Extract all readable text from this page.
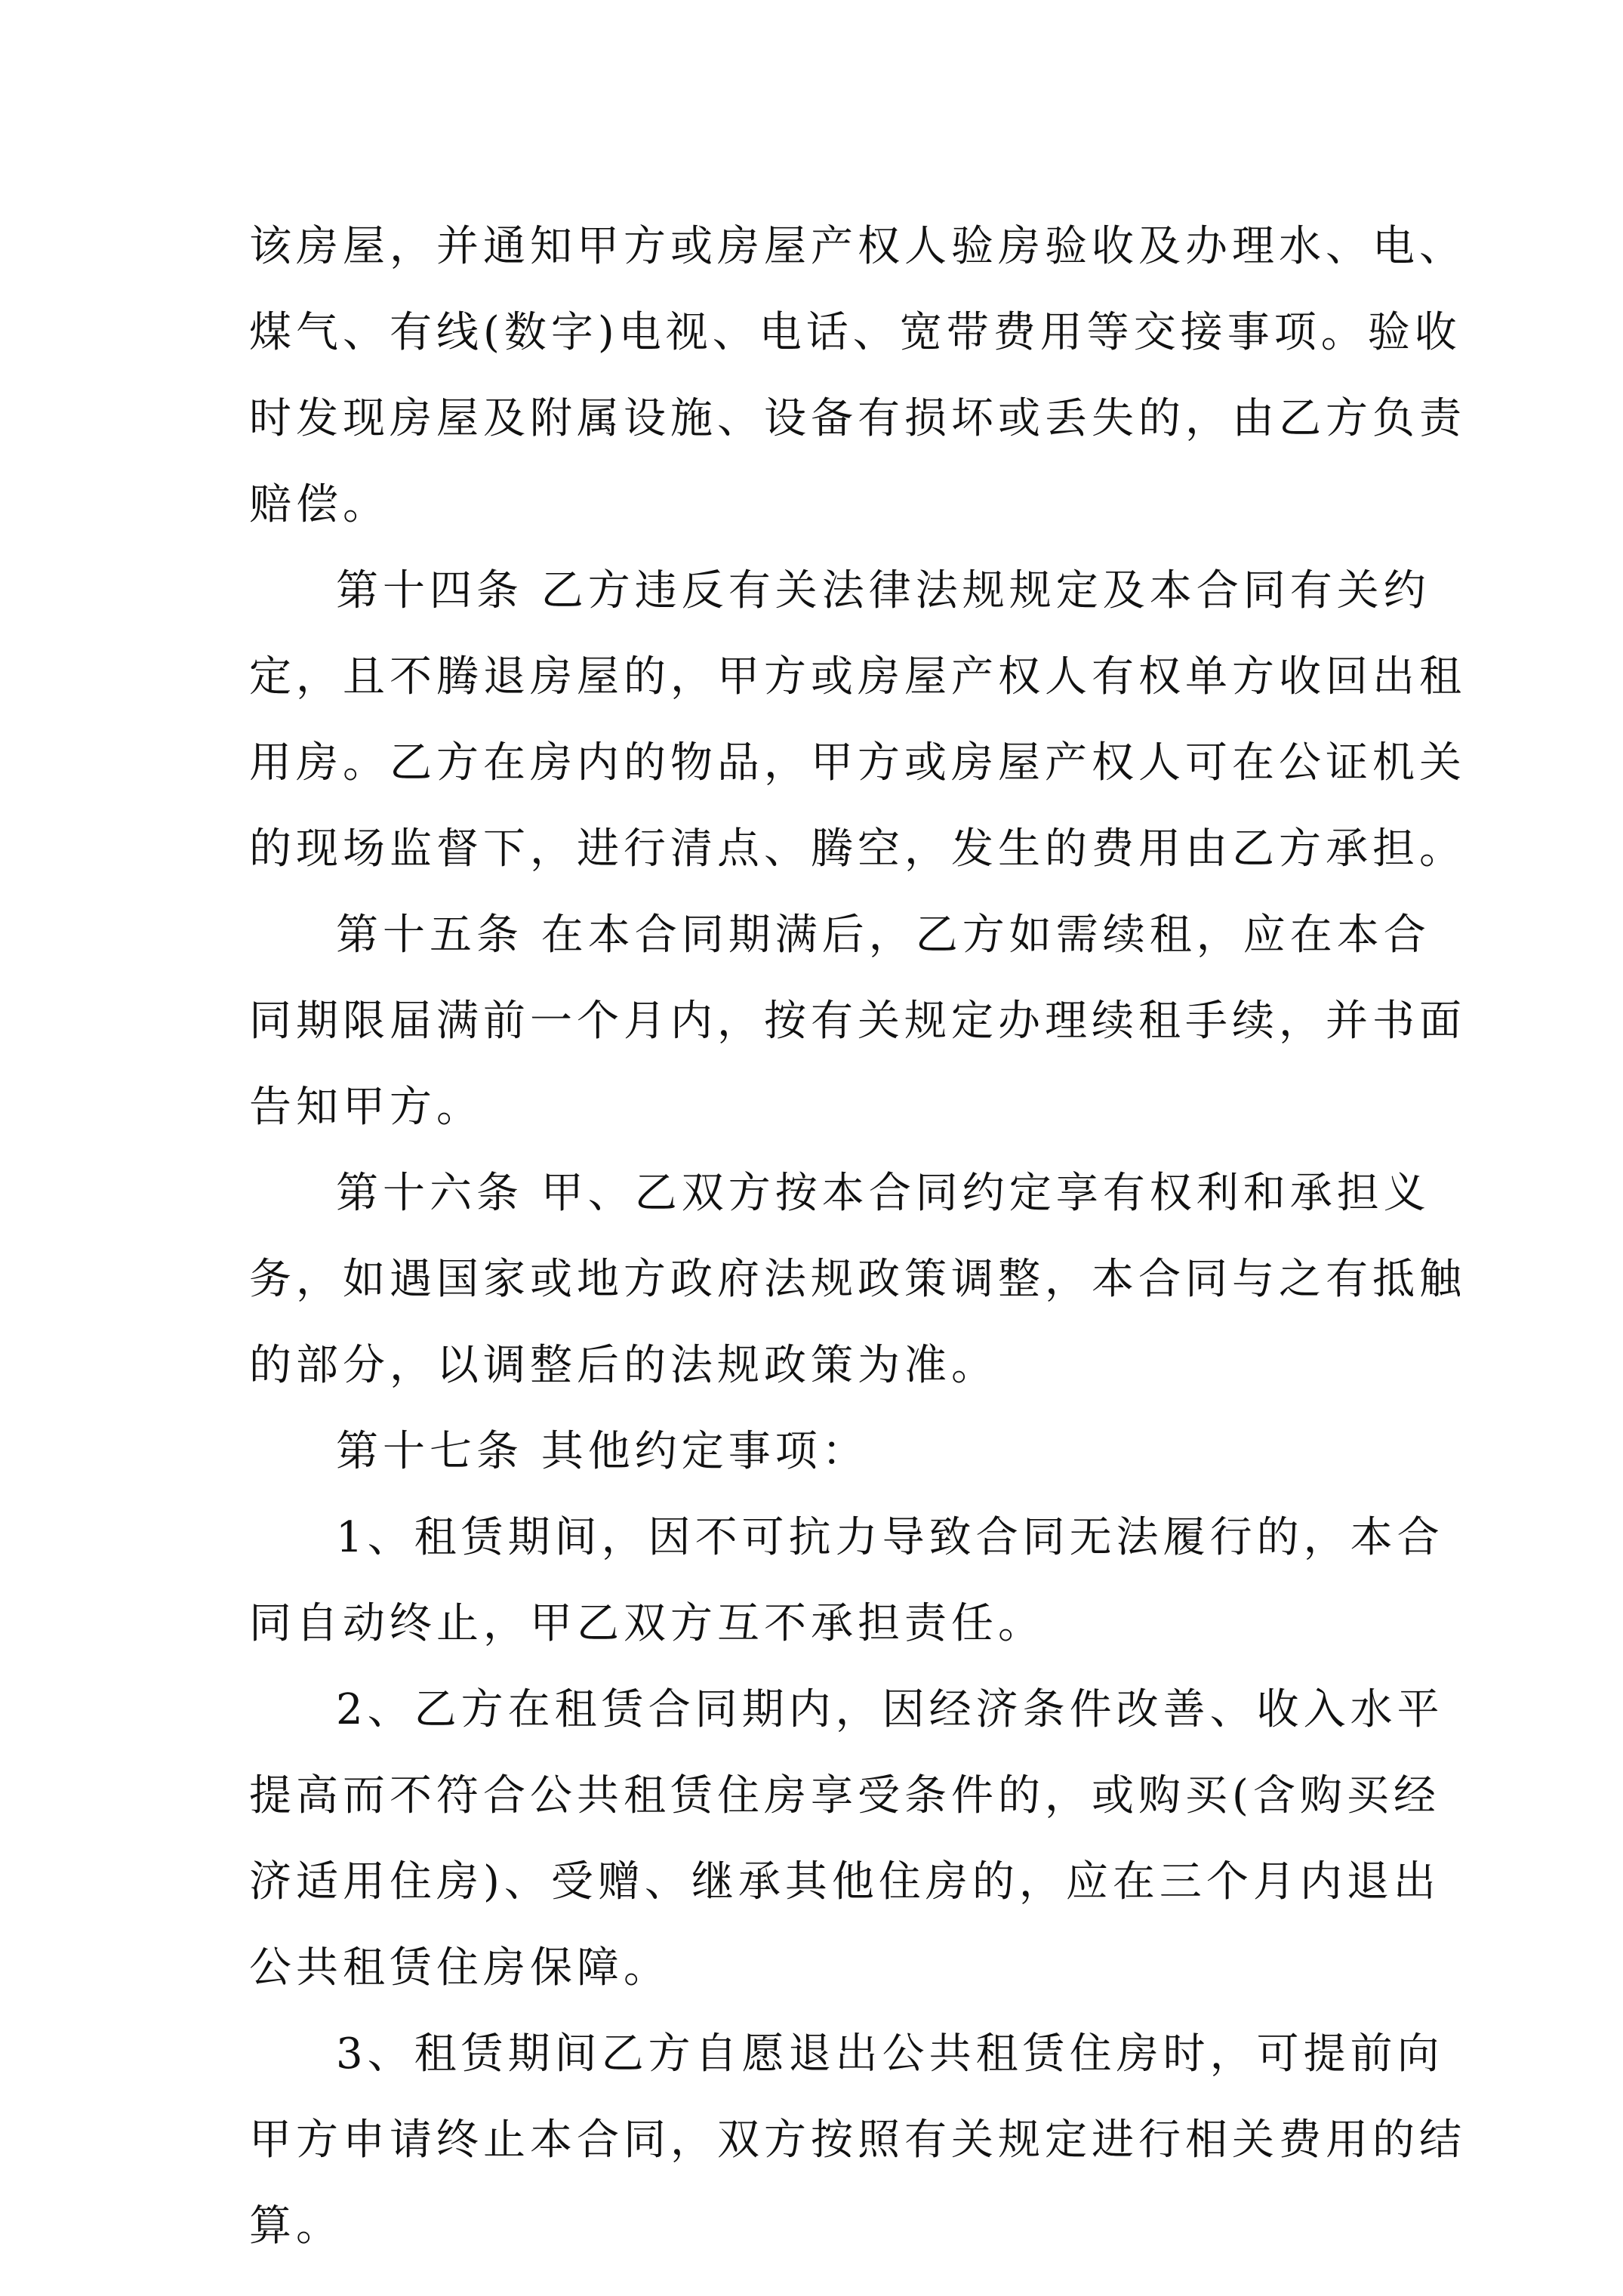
该房屋，并通知甲方或房屋产权人验房验收及办理水、电、
煤气、有线(数字)电视、电话、宽带费用等交接事项。验收
时发现房屋及附属设施、设备有损坏或丢失的，由乙方负责
赔偿。
第十四条 乙方违反有关法律法规规定及本合同有关约
定，且不腾退房屋的，甲方或房屋产权人有权单方收回出租
用房。乙方在房内的物品，甲方或房屋产权人可在公证机关
的现场监督下，进行清点、腾空，发生的费用由乙方承担。
第十五条 在本合同期满后，乙方如需续租，应在本合
同期限届满前一个月内，按有关规定办理续租手续，并书面
告知甲方。
第十六条 甲、乙双方按本合同约定享有权利和承担义
务，如遇国家或地方政府法规政策调整，本合同与之有抵触
的部分，以调整后的法规政策为准。
第十七条 其他约定事项：
1、租赁期间，因不可抗力导致合同无法履行的，本合
同自动终止，甲乙双方互不承担责任。
2、乙方在租赁合同期内，因经济条件改善、收入水平
提高而不符合公共租赁住房享受条件的，或购买(含购买经
济适用住房)、受赠、继承其他住房的，应在三个月内退出
公共租赁住房保障。
3、租赁期间乙方自愿退出公共租赁住房时，可提前向
甲方申请终止本合同，双方按照有关规定进行相关费用的结
算。
